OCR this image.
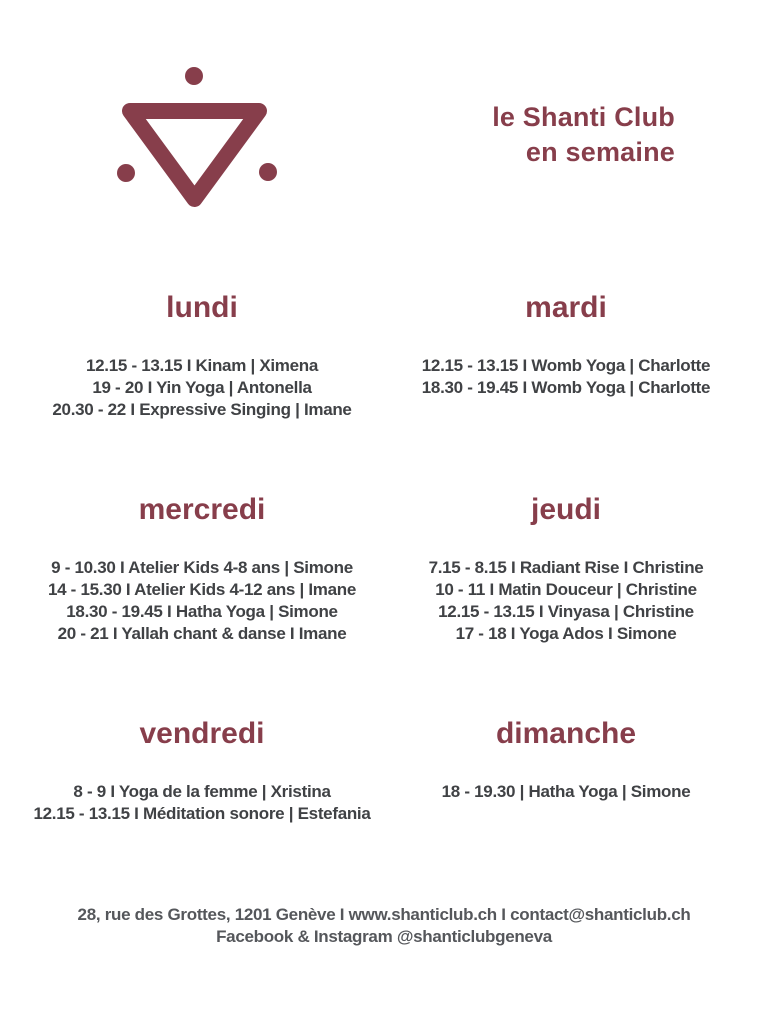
le Shanti Club
en semaine
lundi
12.15 - 13.15 I Kinam | Ximena
19 - 20 I Yin Yoga | Antonella
20.30 - 22 I Expressive Singing | Imane
mardi
12.15 - 13.15 I Womb Yoga | Charlotte
18.30 - 19.45 I Womb Yoga | Charlotte
mercredi
9 - 10.30 I Atelier Kids 4-8 ans | Simone
14 - 15.30 I Atelier Kids 4-12 ans | Imane
18.30 - 19.45 I Hatha Yoga | Simone
20 - 21 I Yallah chant & danse I Imane
jeudi
7.15 - 8.15 I Radiant Rise I Christine
10 - 11 I Matin Douceur | Christine
12.15 - 13.15 I Vinyasa | Christine
17 - 18 I Yoga Ados I Simone
vendredi
8 - 9 I Yoga de la femme | Xristina
12.15 - 13.15 I Méditation sonore | Estefania
dimanche
18 - 19.30 | Hatha Yoga | Simone
28, rue des Grottes, 1201 Genève I www.shanticlub.ch I contact@shanticlub.ch
Facebook & Instagram @shanticlubgeneva
